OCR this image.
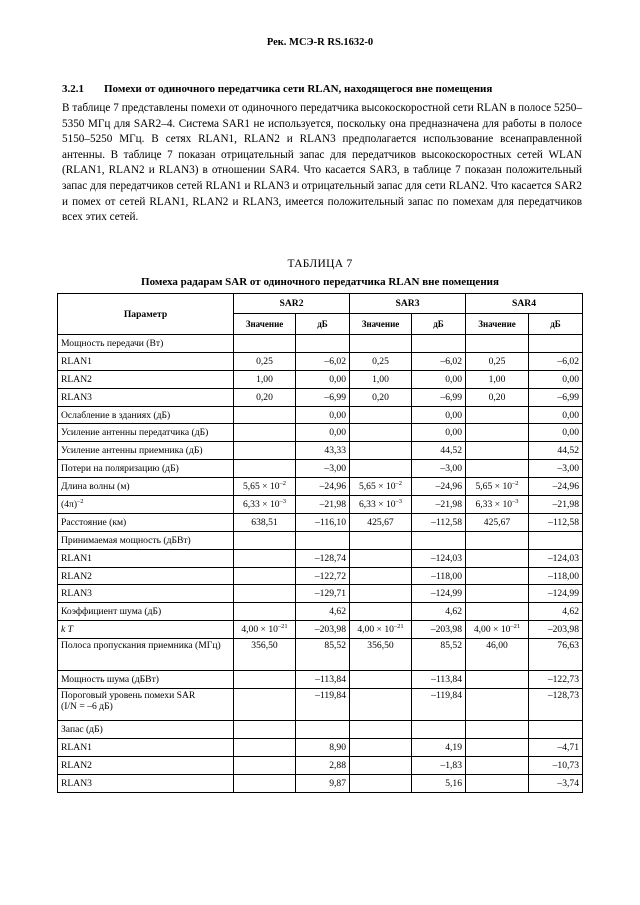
Рек. МСЭ-R RS.1632-0
3.2.1 Помехи от одиночного передатчика сети RLAN, находящегося вне помещения
В таблице 7 представлены помехи от одиночного передатчика высокоскоростной сети RLAN в полосе 5250–5350 МГц для SAR2–4. Система SAR1 не используется, поскольку она предназначена для работы в полосе 5150–5250 МГц. В сетях RLAN1, RLAN2 и RLAN3 предполагается использование всенаправленной антенны. В таблице 7 показан отрицательный запас для передатчиков высокоскоростных сетей WLAN (RLAN1, RLAN2 и RLAN3) в отношении SAR4. Что касается SAR3, в таблице 7 показан положительный запас для передатчиков сетей RLAN1 и RLAN3 и отрицательный запас для сети RLAN2. Что касается SAR2 и помех от сетей RLAN1, RLAN2 и RLAN3, имеется положительный запас по помехам для передатчиков всех этих сетей.
ТАБЛИЦА 7
Помеха радарам SAR от одиночного передатчика RLAN вне помещения
Параметр	SAR2		SAR3		SAR4	
	Значение	дБ	Значение	дБ	Значение	дБ
Мощность передачи (Вт)						
RLAN1	0,25	–6,02	0,25	–6,02	0,25	–6,02
RLAN2	1,00	0,00	1,00	0,00	1,00	0,00
RLAN3	0,20	–6,99	0,20	–6,99	0,20	–6,99
Ослабление в зданиях (дБ)		0,00		0,00		0,00
Усиление антенны передатчика (дБ)		0,00		0,00		0,00
Усиление антенны приемника (дБ)		43,33		44,52		44,52
Потери на поляризацию (дБ)		–3,00		–3,00		–3,00
Длина волны (м)	$5,65 \times 10^{-2}$	–24,96	$5,65 \times 10^{-2}$	–24,96	$5,65 \times 10^{-2}$	–24,96
$(4\pi)^{-2}$	$6,33 \times 10^{-3}$	–21,98	$6,33 \times 10^{-3}$	–21,98	$6,33 \times 10^{-3}$	–21,98
Расстояние (км)	638,51	–116,10	425,67	–112,58	425,67	–112,58
Принимаемая мощность (дБВт)						
RLAN1		–128,74		–124,03		–124,03
RLAN2		–122,72		–118,00		–118,00
RLAN3		–129,71		–124,99		–124,99
Коэффициент шума (дБ)		4,62		4,62		4,62
k T	$4,00 \times 10^{-21}$	–203,98	$4,00 \times 10^{-21}$	–203,98	$4,00 \times 10^{-21}$	–203,98
Полоса пропускания приемника (МГц)	356,50	85,52	356,50	85,52	46,00	76,63
Мощность шума (дБВт)		–113,84		–113,84		–122,73
Пороговый уровень помехи SAR
(I/N = –6 дБ)		–119,84		–119,84		–128,73
Запас (дБ)						
RLAN1		8,90		4,19		–4,71
RLAN2		2,88		–1,83		–10,73
RLAN3		9,87		5,16		–3,74
